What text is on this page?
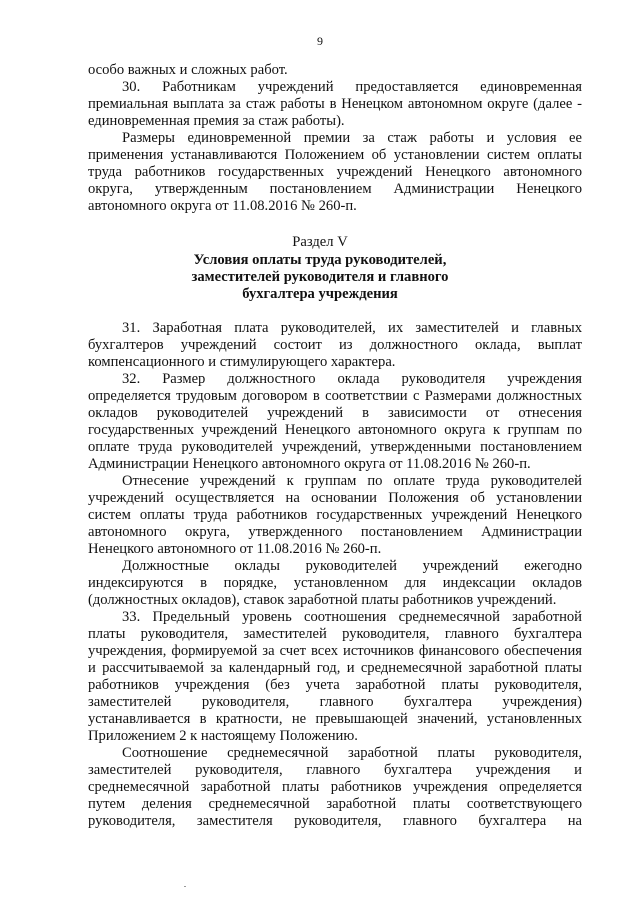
9
особо важных и сложных работ.
30. Работникам учреждений предоставляется единовременная
премиальная выплата за стаж работы в Ненецком автономном округе (далее -
единовременная премия за стаж работы).
Размеры единовременной премии за стаж работы и условия ее
применения устанавливаются Положением об установлении систем оплаты
труда работников государственных учреждений Ненецкого автономного
округа, утвержденным постановлением Администрации Ненецкого
автономного округа от 11.08.2016 № 260-п.
Раздел V
Условия оплаты труда руководителей,
заместителей руководителя и главного
бухгалтера учреждения
31. Заработная плата руководителей, их заместителей и главных
бухгалтеров учреждений состоит из должностного оклада, выплат
компенсационного и стимулирующего характера.
32. Размер должностного оклада руководителя учреждения
определяется трудовым договором в соответствии с Размерами должностных
окладов руководителей учреждений в зависимости от отнесения
государственных учреждений Ненецкого автономного округа к группам по
оплате труда руководителей учреждений, утвержденными постановлением
Администрации Ненецкого автономного округа от 11.08.2016 № 260-п.
Отнесение учреждений к группам по оплате труда руководителей
учреждений осуществляется на основании Положения об установлении
систем оплаты труда работников государственных учреждений Ненецкого
автономного округа, утвержденного постановлением Администрации
Ненецкого автономного от 11.08.2016 № 260-п.
Должностные оклады руководителей учреждений ежегодно
индексируются в порядке, установленном для индексации окладов
(должностных окладов), ставок заработной платы работников учреждений.
33. Предельный уровень соотношения среднемесячной заработной
платы руководителя, заместителей руководителя, главного бухгалтера
учреждения, формируемой за счет всех источников финансового обеспечения
и рассчитываемой за календарный год, и среднемесячной заработной платы
работников учреждения (без учета заработной платы руководителя,
заместителей руководителя, главного бухгалтера учреждения)
устанавливается в кратности, не превышающей значений, установленных
Приложением 2 к настоящему Положению.
Соотношение среднемесячной заработной платы руководителя,
заместителей руководителя, главного бухгалтера учреждения и
среднемесячной заработной платы работников учреждения определяется
путем деления среднемесячной заработной платы соответствующего
руководителя, заместителя руководителя, главного бухгалтера на
